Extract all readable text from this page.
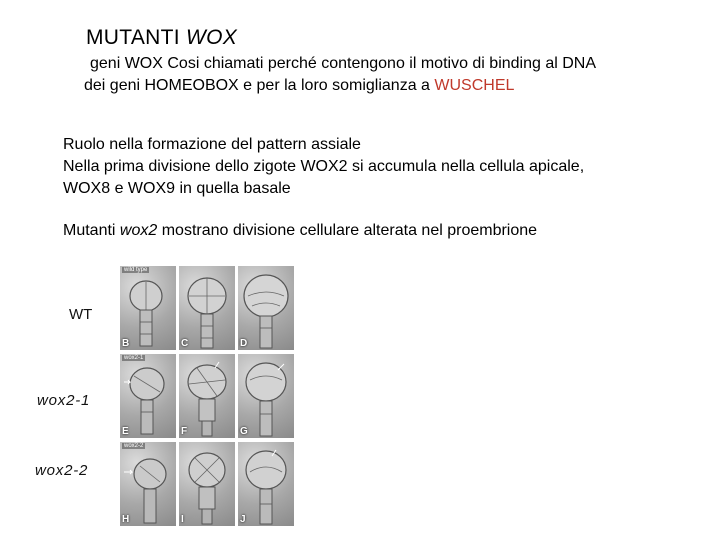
MUTANTI WOX
geni WOX Cosi chiamati perché contengono il motivo di binding al DNA
dei geni HOMEOBOX e per la loro somiglianza a WUSCHEL
Ruolo nella formazione del pattern assiale
Nella prima divisione dello zigote WOX2 si accumula nella cellula apicale,
WOX8 e WOX9 in quella basale
Mutanti wox2 mostrano divisione cellulare alterata nel proembrione
WT
wox2-1
wox2-2
wild type
B	C	D
wox2-1
E	F	G
wox2-2
H	I	J
